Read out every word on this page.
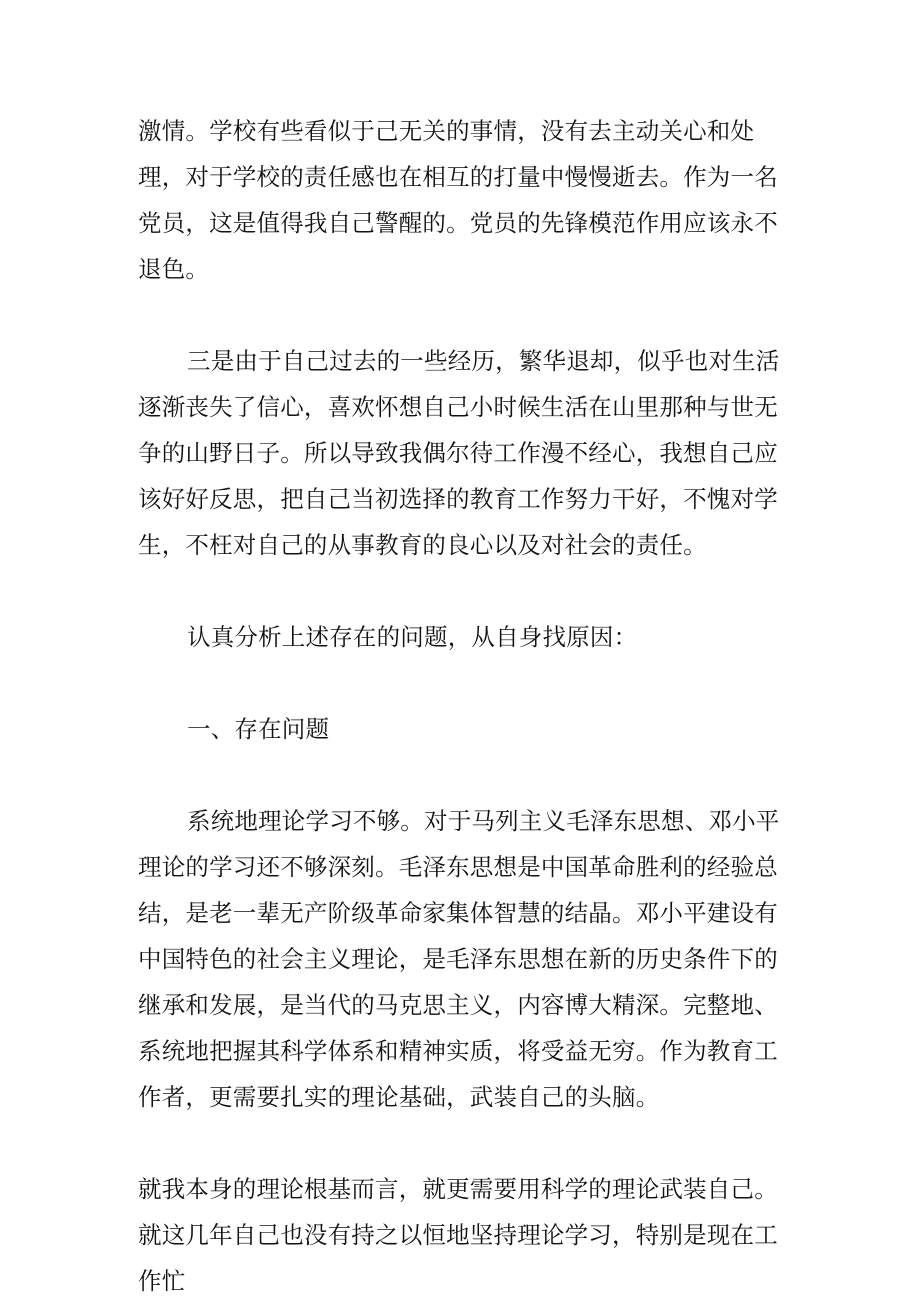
激情。学校有些看似于己无关的事情，没有去主动关心和处理，对于学校的责任感也在相互的打量中慢慢逝去。作为一名党员，这是值得我自己警醒的。党员的先锋模范作用应该永不退色。

三是由于自己过去的一些经历，繁华退却，似乎也对生活逐渐丧失了信心，喜欢怀想自己小时候生活在山里那种与世无争的山野日子。所以导致我偶尔待工作漫不经心，我想自己应该好好反思，把自己当初选择的教育工作努力干好，不愧对学生，不枉对自己的从事教育的良心以及对社会的责任。

认真分析上述存在的问题，从自身找原因：

一、存在问题

系统地理论学习不够。对于马列主义毛泽东思想、邓小平理论的学习还不够深刻。毛泽东思想是中国革命胜利的经验总结，是老一辈无产阶级革命家集体智慧的结晶。邓小平建设有中国特色的社会主义理论，是毛泽东思想在新的历史条件下的继承和发展，是当代的马克思主义，内容博大精深。完整地、系统地把握其科学体系和精神实质，将受益无穷。作为教育工作者，更需要扎实的理论基础，武装自己的头脑。

就我本身的理论根基而言，就更需要用科学的理论武装自己。就这几年自己也没有持之以恒地坚持理论学习，特别是现在工作忙
